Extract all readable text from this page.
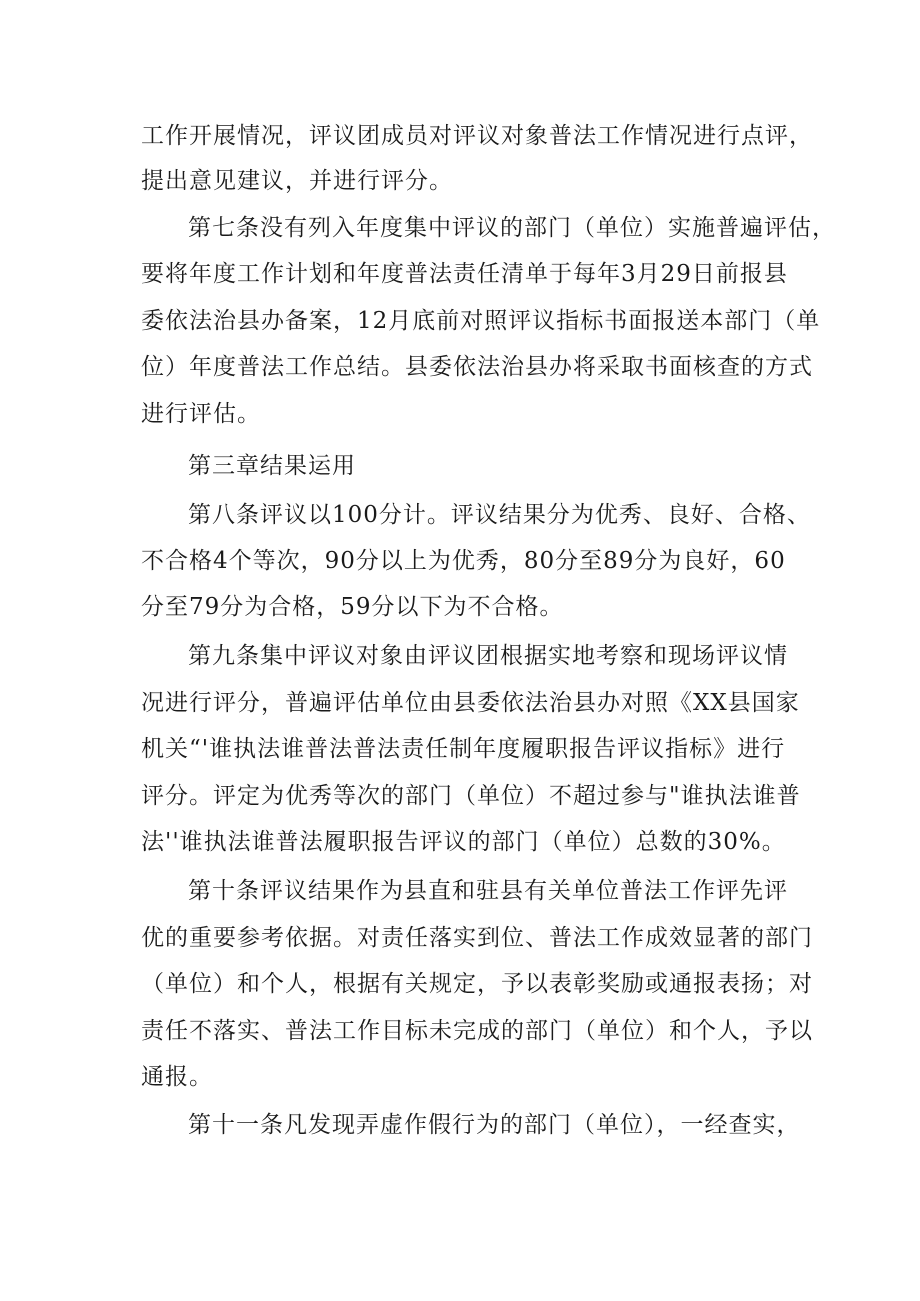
工作开展情况，评议团成员对评议对象普法工作情况进行点评，
提出意见建议，并进行评分。
第七条没有列入年度集中评议的部门（单位）实施普遍评估，
要将年度工作计划和年度普法责任清单于每年3月29日前报县
委依法治县办备案，12月底前对照评议指标书面报送本部门（单
位）年度普法工作总结。县委依法治县办将采取书面核查的方式
进行评估。
第三章结果运用
第八条评议以100分计。评议结果分为优秀、良好、合格、
不合格4个等次，90分以上为优秀，80分至89分为良好，60
分至79分为合格，59分以下为不合格。
第九条集中评议对象由评议团根据实地考察和现场评议情
况进行评分，普遍评估单位由县委依法治县办对照《XX县国家
机关“'谁执法谁普法普法责任制年度履职报告评议指标》进行
评分。评定为优秀等次的部门（单位）不超过参与"谁执法谁普
法''谁执法谁普法履职报告评议的部门（单位）总数的30%。
第十条评议结果作为县直和驻县有关单位普法工作评先评
优的重要参考依据。对责任落实到位、普法工作成效显著的部门
（单位）和个人，根据有关规定，予以表彰奖励或通报表扬；对
责任不落实、普法工作目标未完成的部门（单位）和个人，予以
通报。
第十一条凡发现弄虚作假行为的部门（单位），一经查实，
